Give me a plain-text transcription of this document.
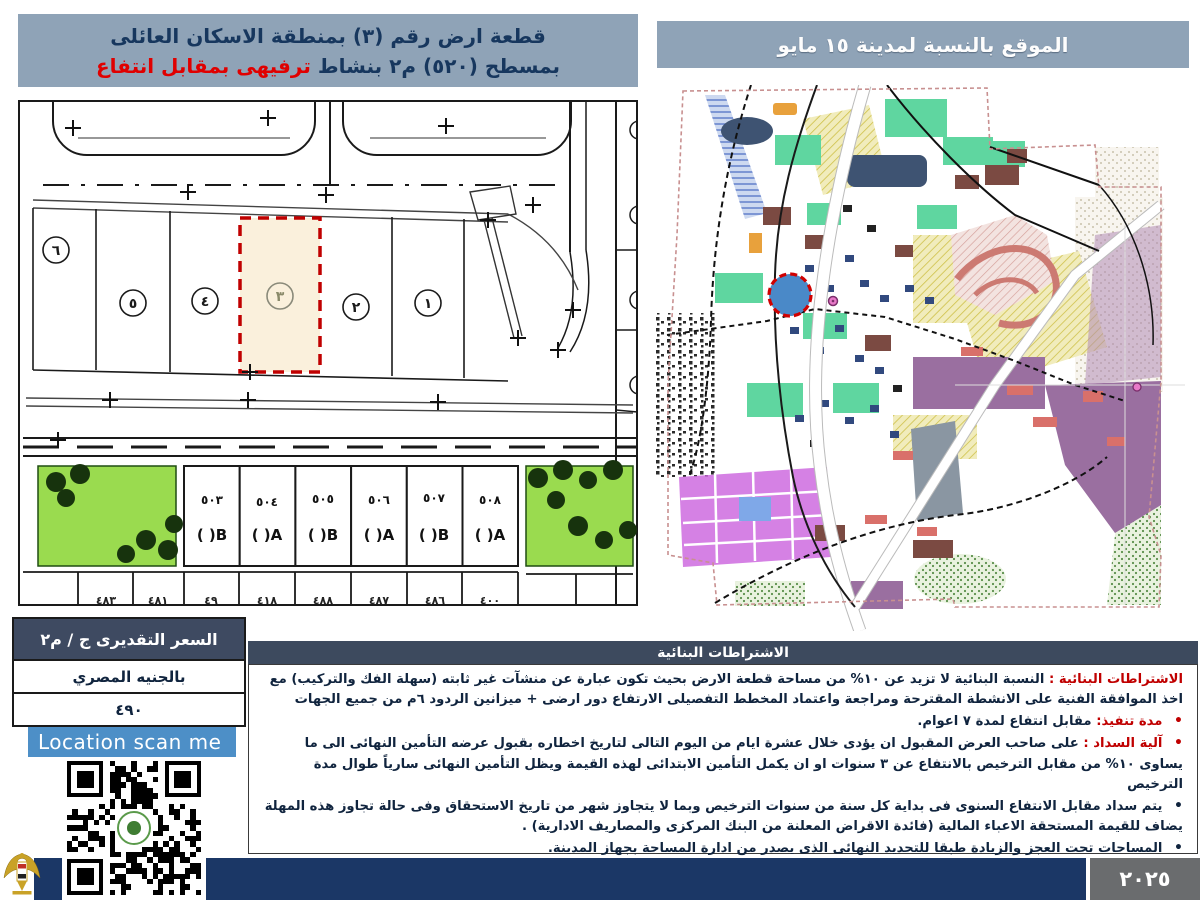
قطعة ارض رقم (٣) بمنطقة الاسكان العائلى
بمسطح (٥٢٠) م٢ بنشاط ترفيهى بمقابل انتفاع
الموقع بالنسبة لمدينة ١٥ مايو
١
٢
٣
٤
٥
٦
٥٠٣
( )B
٥٠٤
( )A
٥٠٥
( )B
٥٠٦
( )A
٥٠٧
( )B
٥٠٨
( )A
٤٨٣	٤٨١	٤٩	٤١٨	٤٨٨	٤٨٧	٤٨٦	٤٠٠
السعر التقديرى ج / م٢
بالجنيه المصري
٤٩٠
Location scan me
الاشتراطات البنائية
الاشتراطات البنائية : النسبة البنائية لا تزيد عن ١٠% من مساحة قطعة الارض بحيث تكون عبارة عن منشآت غير ثابته (سهلة الفك والتركيب) مع اخذ الموافقة الفنية على الانشطة المقترحة ومراجعة واعتماد المخطط التفصيلى الارتفاع دور ارضى + ميزانين الردود ٦م من جميع الجهات
• مدة تنفيذ: مقابل انتفاع لمدة ٧ اعوام.
• آلية السداد : على صاحب العرض المقبول ان يؤدى خلال عشرة ايام من اليوم التالى لتاريخ اخطاره بقبول عرضه التأمين النهائى الى ما يساوى ١٠% من مقابل الترخيص بالانتفاع عن ٣ سنوات او ان يكمل التأمين الابتدائى لهذه القيمة ويظل التأمين النهائى سارياً طوال مدة الترخيص
• يتم سداد مقابل الانتفاع السنوى فى بداية كل سنة من سنوات الترخيص وبما لا يتجاوز شهر من تاريخ الاستحقاق وفى حالة تجاوز هذه المهلة يضاف للقيمة المستحقة الاعباء المالية (فائدة الاقراض المعلنة من البنك المركزى والمصاريف الادارية) .
• المساحات تحت العجز والزيادة طبقا للتحديد النهائى الذى يصدر من ادارة المساحة بجهاز المدينة.
٢٠٢٥
